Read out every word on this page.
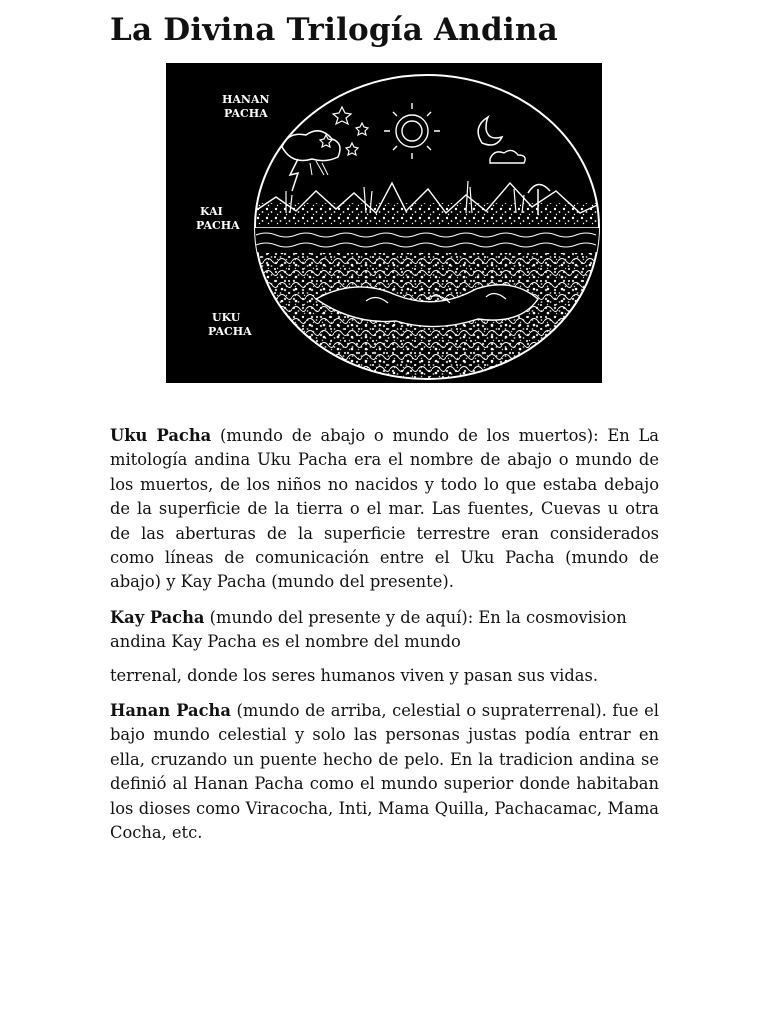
La Divina Trilogía Andina
HANAN
PACHA
KAI
PACHA
UKU
PACHA

Uku Pacha (mundo de abajo o mundo de los muertos): En La mitología andina Uku Pacha era el nombre de abajo o mundo de los muertos, de los niños no nacidos y todo lo que estaba debajo de la superficie de la tierra o el mar. Las fuentes, Cuevas u otra de las aberturas de la superficie terrestre eran considerados como líneas de comunicación entre el Uku Pacha (mundo de abajo) y Kay Pacha (mundo del presente).

Kay Pacha (mundo del presente y de aquí): En la cosmovision andina Kay Pacha es el nombre del mundo

terrenal, donde los seres humanos viven y pasan sus vidas.

Hanan Pacha (mundo de arriba, celestial o supraterrenal). fue el bajo mundo celestial y solo las personas justas podía entrar en ella, cruzando un puente hecho de pelo. En la tradicion andina se definió al Hanan Pacha como el mundo superior donde habitaban los dioses como Viracocha, Inti, Mama Quilla, Pachacamac, Mama Cocha, etc.
